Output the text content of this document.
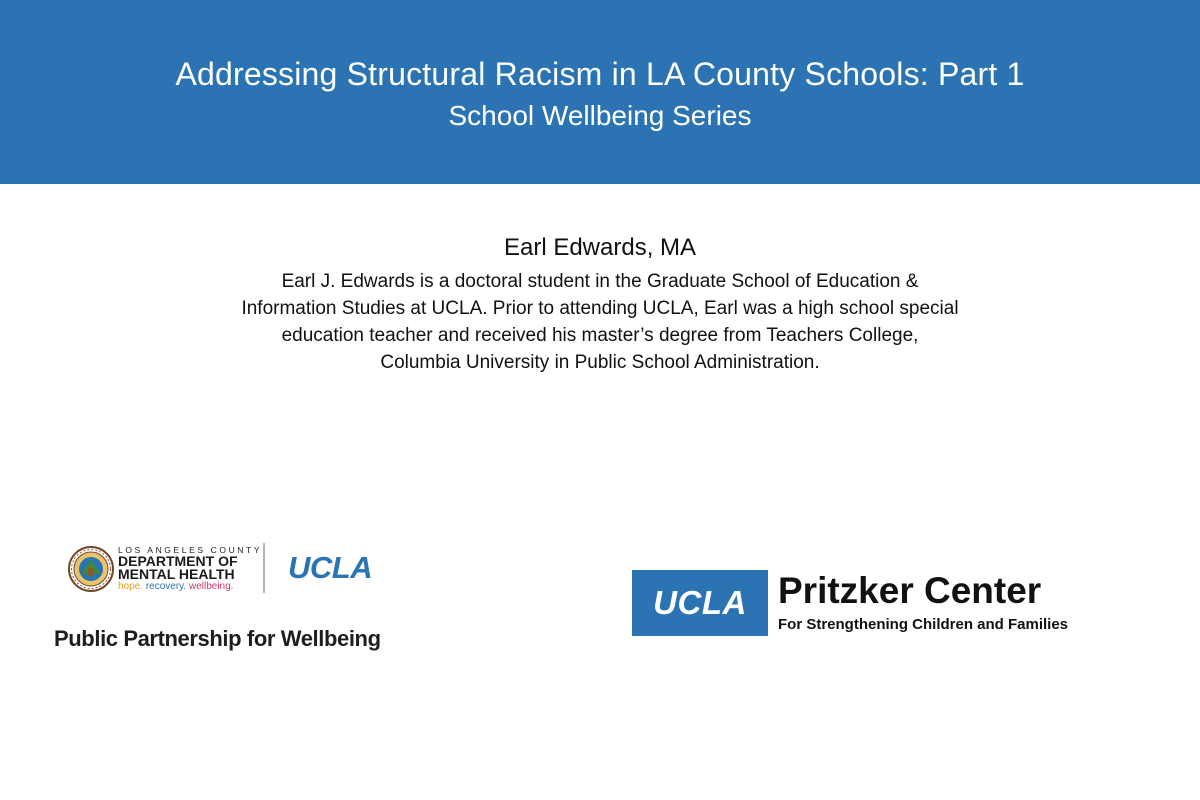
Addressing Structural Racism in LA County Schools: Part 1
School Wellbeing Series
Earl Edwards, MA
Earl J. Edwards is a doctoral student in the Graduate School of Education & Information Studies at UCLA. Prior to attending UCLA, Earl was a high school special education teacher and received his master’s degree from Teachers College, Columbia University in Public School Administration.
LOS ANGELES COUNTY
DEPARTMENT OF
MENTAL HEALTH
hope. recovery. wellbeing.
UCLA
Public Partnership for Wellbeing
UCLA Pritzker Center
For Strengthening Children and Families
